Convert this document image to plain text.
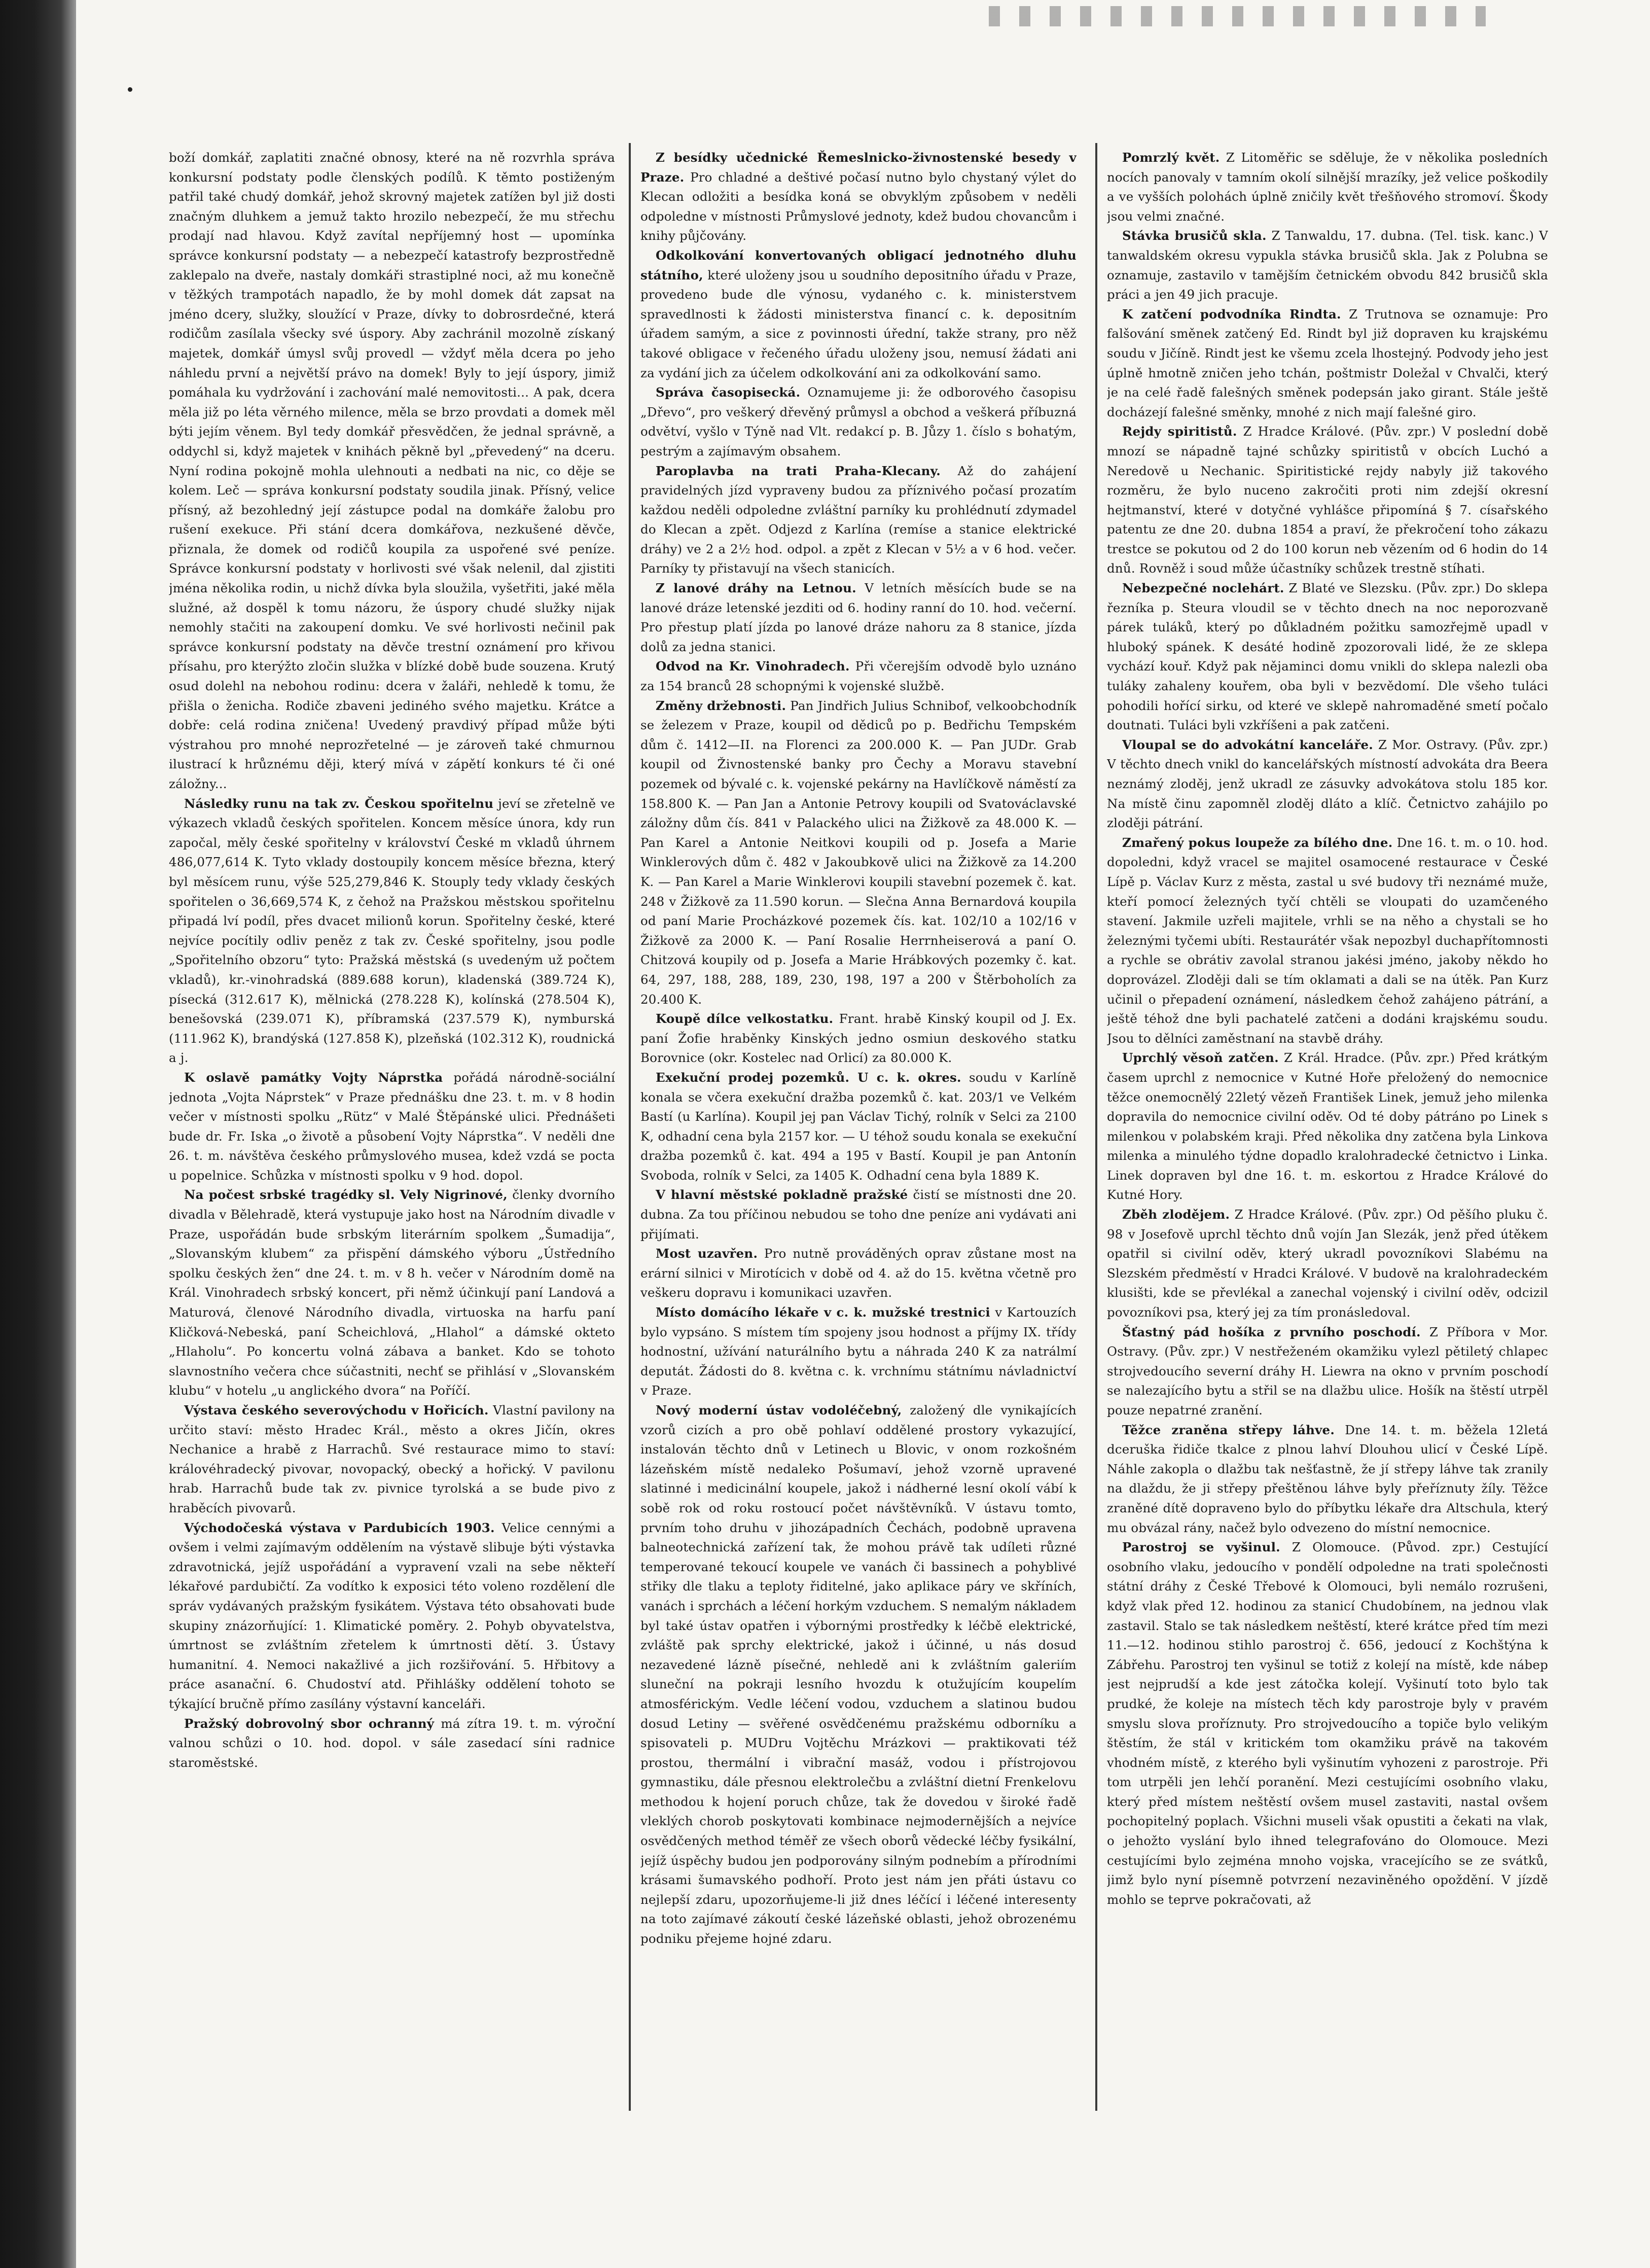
boží domkář, zaplatiti značné obnosy, které na ně rozvrhla správa konkursní podstaty podle členských podílů. K těmto postiženým patřil také chudý domkář, jehož skrovný majetek zatížen byl již dosti značným dluhkem a jemuž takto hrozilo nebezpečí, že mu střechu prodají nad hlavou. Když zavítal nepříjemný host — upomínka správce konkursní podstaty — a nebezpečí katastrofy bezprostředně zaklepalo na dveře, nastaly domkáři strastiplné noci, až mu konečně v těžkých trampotách napadlo, že by mohl domek dát zapsat na jméno dcery, služky, sloužící v Praze, dívky to dobrosrdečné, která rodičům zasílala všecky své úspory. Aby zachránil mozolně získaný majetek, domkář úmysl svůj provedl — vždyť měla dcera po jeho náhledu první a největší právo na domek! Byly to její úspory, jimiž pomáhala ku vydržování i zachování malé nemovitosti... A pak, dcera měla již po léta věrného milence, měla se brzo provdati a domek měl býti jejím věnem. Byl tedy domkář přesvědčen, že jednal správně, a oddychl si, když majetek v knihách pěkně byl „převedený“ na dceru. Nyní rodina pokojně mohla ulehnouti a nedbati na nic, co děje se kolem. Leč — správa konkursní podstaty soudila jinak. Přísný, velice přísný, až bezohledný její zástupce podal na domkáře žalobu pro rušení exekuce. Při stání dcera domkářova, nezkušené děvče, přiznala, že domek od rodičů koupila za uspořené své peníze. Správce konkursní podstaty v horlivosti své však nelenil, dal zjistiti jména několika rodin, u nichž dívka byla sloužila, vyšetřiti, jaké měla služné, až dospěl k tomu názoru, že úspory chudé služky nijak nemohly stačiti na zakoupení domku. Ve své horlivosti nečinil pak správce konkursní podstaty na děvče trestní oznámení pro křivou přísahu, pro kterýžto zločin služka v blízké době bude souzena. Krutý osud dolehl na nebohou rodinu: dcera v žaláři, nehledě k tomu, že přišla o ženicha. Rodiče zbaveni jediného svého majetku. Krátce a dobře: celá rodina zničena! Uvedený pravdivý případ může býti výstrahou pro mnohé neprozřetelné — je zároveň také chmurnou ilustrací k hrůznému ději, který mívá v zápětí konkurs té či oné záložny...

Následky runu na tak zv. Českou spořitelnu jeví se zřetelně ve výkazech vkladů českých spořitelen. Koncem měsíce února, kdy run započal, měly české spořitelny v království České m vkladů úhrnem 486,077,614 K. Tyto vklady dostoupily koncem měsíce března, který byl měsícem runu, výše 525,279,846 K. Stouply tedy vklady českých spořitelen o 36,669,574 K, z čehož na Pražskou městskou spořitelnu připadá lví podíl, přes dvacet milionů korun. Spořitelny české, které nejvíce pocítily odliv peněz z tak zv. České spořitelny, jsou podle „Spořitelního obzoru“ tyto: Pražská městská (s uvedeným už počtem vkladů), kr.-vinohradská (889.688 korun), kladenská (389.724 K), písecká (312.617 K), mělnická (278.228 K), kolínská (278.504 K), benešovská (239.071 K), příbramská (237.579 K), nymburská (111.962 K), brandýská (127.858 K), plzeňská (102.312 K), roudnická a j.

K oslavě památky Vojty Náprstka pořádá národně-sociální jednota „Vojta Náprstek“ v Praze přednášku dne 23. t. m. v 8 hodin večer v místnosti spolku „Rütz“ v Malé Štěpánské ulici. Přednášeti bude dr. Fr. Iska „o životě a působení Vojty Náprstka“. V neděli dne 26. t. m. návštěva českého průmyslového musea, kdež vzdá se pocta u popelnice. Schůzka v místnosti spolku v 9 hod. dopol.

Na počest srbské tragédky sl. Vely Nigrinové, členky dvorního divadla v Bělehradě, která vystupuje jako host na Národním divadle v Praze, uspořádán bude srbským literárním spolkem „Šumadija“, „Slovanským klubem“ za přispění dámského výboru „Ústředního spolku českých žen“ dne 24. t. m. v 8 h. večer v Národním domě na Král. Vinohradech srbský koncert, při němž účinkují paní Landová a Maturová, členové Národního divadla, virtuoska na harfu paní Kličková-Nebeská, paní Scheichlová, „Hlahol“ a dámské okteto „Hlaholu“. Po koncertu volná zábava a banket. Kdo se tohoto slavnostního večera chce súčastniti, nechť se přihlásí v „Slovanském klubu“ v hotelu „u anglického dvora“ na Poříčí.

Výstava českého severovýchodu v Hořicích. Vlastní pavilony na určito staví: město Hradec Král., město a okres Jičín, okres Nechanice a hrabě z Harrachů. Své restaurace mimo to staví: královéhradecký pivovar, novopacký, obecký a hořický. V pavilonu hrab. Harrachů bude tak zv. pivnice tyrolská a se bude pivo z hraběcích pivovarů.

Východočeská výstava v Pardubicích 1903. Velice cennými a ovšem i velmi zajímavým oddělením na výstavě slibuje býti výstavka zdravotnická, jejíž uspořádání a vypravení vzali na sebe někteří lékařové pardubičtí. Za vodítko k exposici této voleno rozdělení dle správ vydávaných pražským fysikátem. Výstava této obsahovati bude skupiny znázorňující: 1. Klimatické poměry. 2. Pohyb obyvatelstva, úmrtnost se zvláštním zřetelem k úmrtnosti dětí. 3. Ústavy humanitní. 4. Nemoci nakažlivé a jich rozšiřování. 5. Hřbitovy a práce asanační. 6. Chudoství atd. Přihlášky oddělení tohoto se týkající bručně přímo zasílány výstavní kanceláři.

Pražský dobrovolný sbor ochranný má zítra 19. t. m. výroční valnou schůzi o 10. hod. dopol. v sále zasedací síni radnice staroměstské.

Z besídky učednické Řemeslnicko-živnostenské besedy v Praze. Pro chladné a deštivé počasí nutno bylo chystaný výlet do Klecan odložiti a besídka koná se obvyklým způsobem v neděli odpoledne v místnosti Průmyslové jednoty, kdež budou chovancům i knihy půjčovány.

Odkolkování konvertovaných obligací jednotného dluhu státního, které uloženy jsou u soudního depositního úřadu v Praze, provedeno bude dle výnosu, vydaného c. k. ministerstvem spravedlnosti k žádosti ministerstva financí c. k. depositním úřadem samým, a sice z povinnosti úřední, takže strany, pro něž takové obligace v řečeného úřadu uloženy jsou, nemusí žádati ani za vydání jich za účelem odkolkování ani za odkolkování samo.

Správa časopisecká. Oznamujeme ji: že odborového časopisu „Dřevo“, pro veškerý dřevěný průmysl a obchod a veškerá příbuzná odvětví, vyšlo v Týně nad Vlt. redakcí p. B. Jůzy 1. číslo s bohatým, pestrým a zajímavým obsahem.

Paroplavba na trati Praha-Klecany. Až do zahájení pravidelných jízd vypraveny budou za příznivého počasí prozatím každou neděli odpoledne zvláštní parníky ku prohlédnutí zdymadel do Klecan a zpět. Odjezd z Karlína (remíse a stanice elektrické dráhy) ve 2 a 2½ hod. odpol. a zpět z Klecan v 5½ a v 6 hod. večer. Parníky ty přistavují na všech stanicích.

Z lanové dráhy na Letnou. V letních měsících bude se na lanové dráze letenské jezditi od 6. hodiny ranní do 10. hod. večerní. Pro přestup platí jízda po lanové dráze nahoru za 8 stanice, jízda dolů za jedna stanici.

Odvod na Kr. Vinohradech. Při včerejším odvodě bylo uznáno za 154 branců 28 schopnými k vojenské službě.

Změny držebnosti. Pan Jindřich Julius Schnibof, velkoobchodník se železem v Praze, koupil od dědiců po p. Bedřichu Tempském dům č. 1412—II. na Florenci za 200.000 K. — Pan JUDr. Grab koupil od Živnostenské banky pro Čechy a Moravu stavební pozemek od bývalé c. k. vojenské pekárny na Havlíčkově náměstí za 158.800 K. — Pan Jan a Antonie Petrovy koupili od Svatováclavské záložny dům čís. 841 v Palackého ulici na Žižkově za 48.000 K. — Pan Karel a Antonie Neitkovi koupili od p. Josefa a Marie Winklerových dům č. 482 v Jakoubkově ulici na Žižkově za 14.200 K. — Pan Karel a Marie Winklerovi koupili stavební pozemek č. kat. 248 v Žižkově za 11.590 korun. — Slečna Anna Bernardová koupila od paní Marie Procházkové pozemek čís. kat. 102/10 a 102/16 v Žižkově za 2000 K. — Paní Rosalie Herrnheiserová a paní O. Chitzová koupily od p. Josefa a Marie Hrábkových pozemky č. kat. 64, 297, 188, 288, 189, 230, 198, 197 a 200 v Štěrboholích za 20.400 K.

Koupě dílce velkostatku. Frant. hrabě Kinský koupil od J. Ex. paní Žofie hraběnky Kinských jedno osmiun deskového statku Borovnice (okr. Kostelec nad Orlicí) za 80.000 K.

Exekuční prodej pozemků. U c. k. okres. soudu v Karlíně konala se včera exekuční dražba pozemků č. kat. 203/1 ve Velkém Bastí (u Karlína). Koupil jej pan Václav Tichý, rolník v Selci za 2100 K, odhadní cena byla 2157 kor. — U téhož soudu konala se exekuční dražba pozemků č. kat. 494 a 195 v Bastí. Koupil je pan Antonín Svoboda, rolník v Selci, za 1405 K. Odhadní cena byla 1889 K.

V hlavní městské pokladně pražské čistí se místnosti dne 20. dubna. Za tou příčinou nebudou se toho dne peníze ani vydávati ani přijímati.

Most uzavřen. Pro nutně prováděných oprav zůstane most na erární silnici v Mirotícich v době od 4. až do 15. května včetně pro veškeru dopravu i komunikaci uzavřen.

Místo domácího lékaře v c. k. mužské trestnici v Kartouzích bylo vypsáno. S místem tím spojeny jsou hodnost a příjmy IX. třídy hodnostní, užívání naturálního bytu a náhrada 240 K za natrálmí deputát. Žádosti do 8. května c. k. vrchnímu státnímu návladnictví v Praze.

Nový moderní ústav vodoléčebný, založený dle vynikajících vzorů cizích a pro obě pohlaví oddělené prostory vykazující, instalován těchto dnů v Letinech u Blovic, v onom rozkošném lázeňském místě nedaleko Pošumaví, jehož vzorně upravené slatinné i medicinální koupele, jakož i nádherné lesní okolí vábí k sobě rok od roku rostoucí počet návštěvníků. V ústavu tomto, prvním toho druhu v jihozápadních Čechách, podobně upravena balneotechnická zařízení tak, že mohou právě tak udíleti různé temperované tekoucí koupele ve vanách či bassinech a pohyblivé střiky dle tlaku a teploty řiditelné, jako aplikace páry ve skříních, vanách i sprchách a léčení horkým vzduchem. S nemalým nákladem byl také ústav opatřen i výbornými prostředky k léčbě elektrické, zvláště pak sprchy elektrické, jakož i účinné, u nás dosud nezavedené lázně písečné, nehledě ani k zvláštním galeriím sluneční na pokraji lesního hvozdu k otužujícím koupelím atmosférickým. Vedle léčení vodou, vzduchem a slatinou budou dosud Letiny — svěřené osvědčenému pražskému odborníku a spisovateli p. MUDru Vojtěchu Mrázkovi — praktikovati též prostou, thermální i vibrační masáž, vodou i přístrojovou gymnastiku, dále přesnou elektrolečbu a zvláštní dietní Frenkelovu methodou k hojení poruch chůze, tak že dovedou v široké řadě vleklých chorob poskytovati kombinace nejmodernějších a nejvíce osvědčených method téměř ze všech oborů vědecké léčby fysikální, jejíž úspěchy budou jen podporovány silným podnebím a přírodními krásami šumavského podhoří. Proto jest nám jen přáti ústavu co nejlepší zdaru, upozorňujeme-li již dnes léčící i léčené interesenty na toto zajímavé zákoutí české lázeňské oblasti, jehož obrozenému podniku přejeme hojné zdaru.

Pomrzlý květ. Z Litoměřic se sděluje, že v několika posledních nocích panovaly v tamním okolí silnější mrazíky, jež velice poškodily a ve vyšších polohách úplně zničily květ třešňového stromoví. Škody jsou velmi značné.

Stávka brusičů skla. Z Tanwaldu, 17. dubna. (Tel. tisk. kanc.) V tanwaldském okresu vypukla stávka brusičů skla. Jak z Polubna se oznamuje, zastavilo v tamějším četnickém obvodu 842 brusičů skla práci a jen 49 jich pracuje.

K zatčení podvodníka Rindta. Z Trutnova se oznamuje: Pro falšování směnek zatčený Ed. Rindt byl již dopraven ku krajskému soudu v Jičíně. Rindt jest ke všemu zcela lhostejný. Podvody jeho jest úplně hmotně zničen jeho tchán, poštmistr Doležal v Chvalči, který je na celé řadě falešných směnek podepsán jako girant. Stále ještě docházejí falešné směnky, mnohé z nich mají falešné giro.

Rejdy spiritistů. Z Hradce Králové. (Pův. zpr.) V poslední době mnozí se nápadně tajné schůzky spiritistů v obcích Luchó a Neredově u Nechanic. Spiritistické rejdy nabyly již takového rozměru, že bylo nuceno zakročiti proti nim zdejší okresní hejtmanství, které v dotyčné vyhlášce připomíná § 7. císařského patentu ze dne 20. dubna 1854 a praví, že překročení toho zákazu trestce se pokutou od 2 do 100 korun neb vězením od 6 hodin do 14 dnů. Rovněž i soud může účastníky schůzek trestně stíhati.

Nebezpečné noclehárt. Z Blaté ve Slezsku. (Pův. zpr.) Do sklepa řezníka p. Steura vloudil se v těchto dnech na noc neporozvaně párek tuláků, který po důkladném požitku samozřejmě upadl v hluboký spánek. K desáté hodině zpozorovali lidé, že ze sklepa vychází kouř. Když pak nějaminci domu vnikli do sklepa nalezli oba tuláky zahaleny kouřem, oba byli v bezvědomí. Dle všeho tuláci pohodili hořící sirku, od které ve sklepě nahromaděné smetí počalo doutnati. Tuláci byli vzkříšeni a pak zatčeni.

Vloupal se do advokátní kanceláře. Z Mor. Ostravy. (Pův. zpr.) V těchto dnech vnikl do kancelářských místností advokáta dra Beera neznámý zloděj, jenž ukradl ze zásuvky advokátova stolu 185 kor. Na místě činu zapomněl zloděj dláto a klíč. Četnictvo zahájilo po zloději pátrání.

Zmařený pokus loupeže za bílého dne. Dne 16. t. m. o 10. hod. dopoledni, když vracel se majitel osamocené restaurace v České Lípě p. Václav Kurz z města, zastal u své budovy tři neznámé muže, kteří pomocí železných tyčí chtěli se vloupati do uzamčeného stavení. Jakmile uzřeli majitele, vrhli se na něho a chystali se ho železnými tyčemi ubíti. Restaurátér však nepozbyl duchapřítomnosti a rychle se obrátiv zavolal stranou jakési jméno, jakoby někdo ho doprovázel. Zloději dali se tím oklamati a dali se na útěk. Pan Kurz učinil o přepadení oznámení, následkem čehož zahájeno pátrání, a ještě téhož dne byli pachatelé zatčeni a dodáni krajskému soudu. Jsou to dělníci zaměstnaní na stavbě dráhy.

Uprchlý věsoň zatčen. Z Král. Hradce. (Pův. zpr.) Před krátkým časem uprchl z nemocnice v Kutné Hoře přeložený do nemocnice těžce onemocnělý 22letý vězeň František Linek, jemuž jeho milenka dopravila do nemocnice civilní oděv. Od té doby pátráno po Linek s milenkou v polabském kraji. Před několika dny zatčena byla Linkova milenka a minulého týdne dopadlo kralohradecké četnictvo i Linka. Linek dopraven byl dne 16. t. m. eskortou z Hradce Králové do Kutné Hory.

Zběh zlodějem. Z Hradce Králové. (Pův. zpr.) Od pěšího pluku č. 98 v Josefově uprchl těchto dnů vojín Jan Slezák, jenž před útěkem opatřil si civilní oděv, který ukradl povozníkovi Slabému na Slezském předměstí v Hradci Králové. V budově na kralohradeckém klusišti, kde se převlékal a zanechal vojenský i civilní oděv, odcizil povozníkovi psa, který jej za tím pronásledoval.

Šťastný pád hošíka z prvního poschodí. Z Příbora v Mor. Ostravy. (Pův. zpr.) V nestřeženém okamžiku vylezl pětiletý chlapec strojvedoucího severní dráhy H. Liewra na okno v prvním poschodí se nalezajícího bytu a střil se na dlažbu ulice. Hošík na štěstí utrpěl pouze nepatrné zranění.

Těžce zraněna střepy láhve. Dne 14. t. m. běžela 12letá dceruška řidiče tkalce z plnou lahví Dlouhou ulicí v České Lípě. Náhle zakopla o dlažbu tak nešťastně, že jí střepy láhve tak zranily na dlaždu, že ji střepy přeštěnou láhve byly přeříznuty žíly. Těžce zraněné dítě dopraveno bylo do příbytku lékaře dra Altschula, který mu obvázal rány, načež bylo odvezeno do místní nemocnice.

Parostroj se vyšinul. Z Olomouce. (Původ. zpr.) Cestující osobního vlaku, jedoucího v pondělí odpoledne na trati společnosti státní dráhy z České Třebové k Olomouci, byli nemálo rozrušeni, když vlak před 12. hodinou za stanicí Chudobínem, na jednou vlak zastavil. Stalo se tak následkem neštěstí, které krátce před tím mezi 11.—12. hodinou stihlo parostroj č. 656, jedoucí z Kochštýna k Zábřehu. Parostroj ten vyšinul se totiž z kolejí na místě, kde nábep jest nejprudší a kde jest zátočka kolejí. Vyšinutí toto bylo tak prudké, že koleje na místech těch kdy parostroje byly v pravém smyslu slova proříznuty. Pro strojvedoucího a topiče bylo velikým štěstím, že stál v kritickém tom okamžiku právě na takovém vhodném místě, z kterého byli vyšinutím vyhozeni z parostroje. Při tom utrpěli jen lehčí poranění. Mezi cestujícími osobního vlaku, který před místem neštěstí ovšem musel zastaviti, nastal ovšem pochopitelný poplach. Všichni museli však opustiti a čekati na vlak, o jehožto vyslání bylo ihned telegrafováno do Olomouce. Mezi cestujícími bylo zejména mnoho vojska, vracejícího se ze svátků, jimž bylo nyní písemně potvrzení nezaviněného opoždění. V jízdě mohlo se teprve pokračovati, až
